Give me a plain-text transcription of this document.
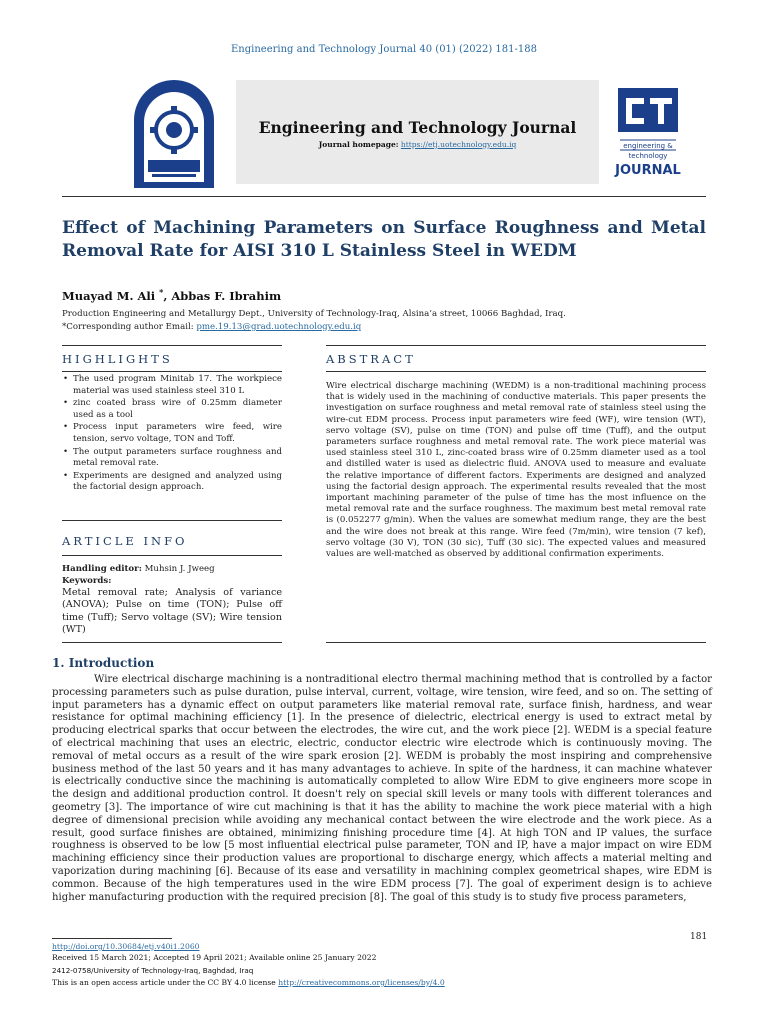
Engineering and Technology Journal 40 (01) (2022) 181-188
Engineering and Technology Journal
Journal homepage: https://etj.uotechnology.edu.iq	engineering &
technology
JOURNAL
Effect of Machining Parameters on Surface Roughness and Metal Removal Rate for AISI 310 L Stainless Steel in WEDM
Muayad M. Ali *, Abbas F. Ibrahim
Production Engineering and Metallurgy Dept., University of Technology-Iraq, Alsina’a street, 10066 Baghdad, Iraq.
*Corresponding author Email: pme.19.13@grad.uotechnology.edu.iq
HIGHLIGHTS
• The used program Minitab 17. The workpiece material was used stainless steel 310 L
• zinc coated brass wire of 0.25mm diameter used as a tool
• Process input parameters wire feed, wire tension, servo voltage, TON and Toff.
• The output parameters surface roughness and metal removal rate.
• Experiments are designed and analyzed using the factorial design approach.
ARTICLE INFO
Handling editor: Muhsin J. Jweeg
Keywords:
Metal removal rate; Analysis of variance (ANOVA); Pulse on time (TON); Pulse off time (Tuff); Servo voltage (SV); Wire tension (WT)
ABSTRACT
Wire electrical discharge machining (WEDM) is a non-traditional machining process that is widely used in the machining of conductive materials. This paper presents the investigation on surface roughness and metal removal rate of stainless steel using the wire-cut EDM process. Process input parameters wire feed (WF), wire tension (WT), servo voltage (SV), pulse on time (TON) and pulse off time (Tuff), and the output parameters surface roughness and metal removal rate. The work piece material was used stainless steel 310 L, zinc-coated brass wire of 0.25mm diameter used as a tool and distilled water is used as dielectric fluid. ANOVA used to measure and evaluate the relative importance of different factors. Experiments are designed and analyzed using the factorial design approach. The experimental results revealed that the most important machining parameter of the pulse of time has the most influence on the metal removal rate and the surface roughness. The maximum best metal removal rate is (0.052277 g/min). When the values are somewhat medium range, they are the best and the wire does not break at this range. Wire feed (7m/min), wire tension (7 kef), servo voltage (30 V), TON (30 sic), Tuff (30 sic). The expected values and measured values are well-matched as observed by additional confirmation experiments.
1. Introduction

Wire electrical discharge machining is a nontraditional electro thermal machining method that is controlled by a factor processing parameters such as pulse duration, pulse interval, current, voltage, wire tension, wire feed, and so on. The setting of input parameters has a dynamic effect on output parameters like material removal rate, surface finish, hardness, and wear resistance for optimal machining efficiency [1]. In the presence of dielectric, electrical energy is used to extract metal by producing electrical sparks that occur between the electrodes, the wire cut, and the work piece [2]. WEDM is a special feature of electrical machining that uses an electric, electric, conductor electric wire electrode which is continuously moving. The removal of metal occurs as a result of the wire spark erosion [2]. WEDM is probably the most inspiring and comprehensive business method of the last 50 years and it has many advantages to achieve. In spite of the hardness, it can machine whatever is electrically conductive since the machining is automatically completed to allow Wire EDM to give engineers more scope in the design and additional production control. It doesn't rely on special skill levels or many tools with different tolerances and geometry [3]. The importance of wire cut machining is that it has the ability to machine the work piece material with a high degree of dimensional precision while avoiding any mechanical contact between the wire electrode and the work piece. As a result, good surface finishes are obtained, minimizing finishing procedure time [4]. At high TON and IP values, the surface roughness is observed to be low [5 most influential electrical pulse parameter, TON and IP, have a major impact on wire EDM machining efficiency since their production values are proportional to discharge energy, which affects a material melting and vaporization during machining [6]. Because of its ease and versatility in machining complex geometrical shapes, wire EDM is common. Because of the high temperatures used in the wire EDM process [7]. The goal of experiment design is to achieve higher manufacturing production with the required precision [8]. The goal of this study is to study five process parameters,

181
http://doi.org/10.30684/etj.v40i1.2060
Received 15 March 2021; Accepted 19 April 2021; Available online 25 January 2022
2412-0758/University of Technology-Iraq, Baghdad, Iraq
This is an open access article under the CC BY 4.0 license http://creativecommons.org/licenses/by/4.0
